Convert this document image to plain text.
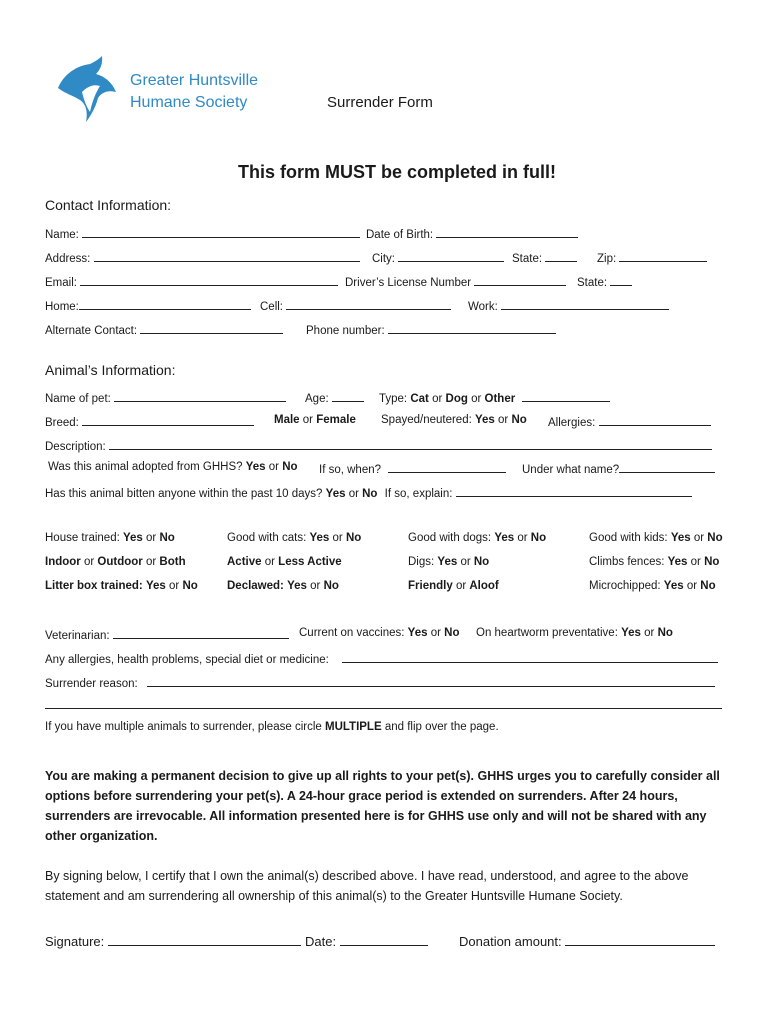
Greater Huntsville
Humane Society	Surrender Form
This form MUST be completed in full!
Contact Information:
Name:	Date of Birth:
Address:	City:	State:	Zip:
Email:	Driver’s License Number	State:
Home:	Cell:	Work:
Alternate Contact:	Phone number:
Animal’s Information:
Name of pet:	Age:	Type: Cat or Dog or Other
Breed:	Male or Female Spayed/neutered: Yes or No Allergies:
Description:
Was this animal adopted from GHHS? Yes or No If so, when?	Under what name?
Has this animal bitten anyone within the past 10 days? Yes or No If so, explain:
House trained: Yes or No	Good with cats: Yes or No	Good with dogs: Yes or No	Good with kids: Yes or No
Indoor or Outdoor or Both	Active or Less Active	Digs: Yes or No	Climbs fences: Yes or No
Litter box trained: Yes or No	Declawed: Yes or No	Friendly or Aloof	Microchipped: Yes or No
Veterinarian:	Current on vaccines: Yes or No On heartworm preventative: Yes or No
Any allergies, health problems, special diet or medicine:
Surrender reason:
If you have multiple animals to surrender, please circle MULTIPLE and flip over the page.
You are making a permanent decision to give up all rights to your pet(s). GHHS urges you to carefully consider all options before surrendering your pet(s). A 24-hour grace period is extended on surrenders. After 24 hours, surrenders are irrevocable. All information presented here is for GHHS use only and will not be shared with any other organization.
By signing below, I certify that I own the animal(s) described above. I have read, understood, and agree to the above statement and am surrendering all ownership of this animal(s) to the Greater Huntsville Humane Society.
Signature:	Date:	Donation amount:
